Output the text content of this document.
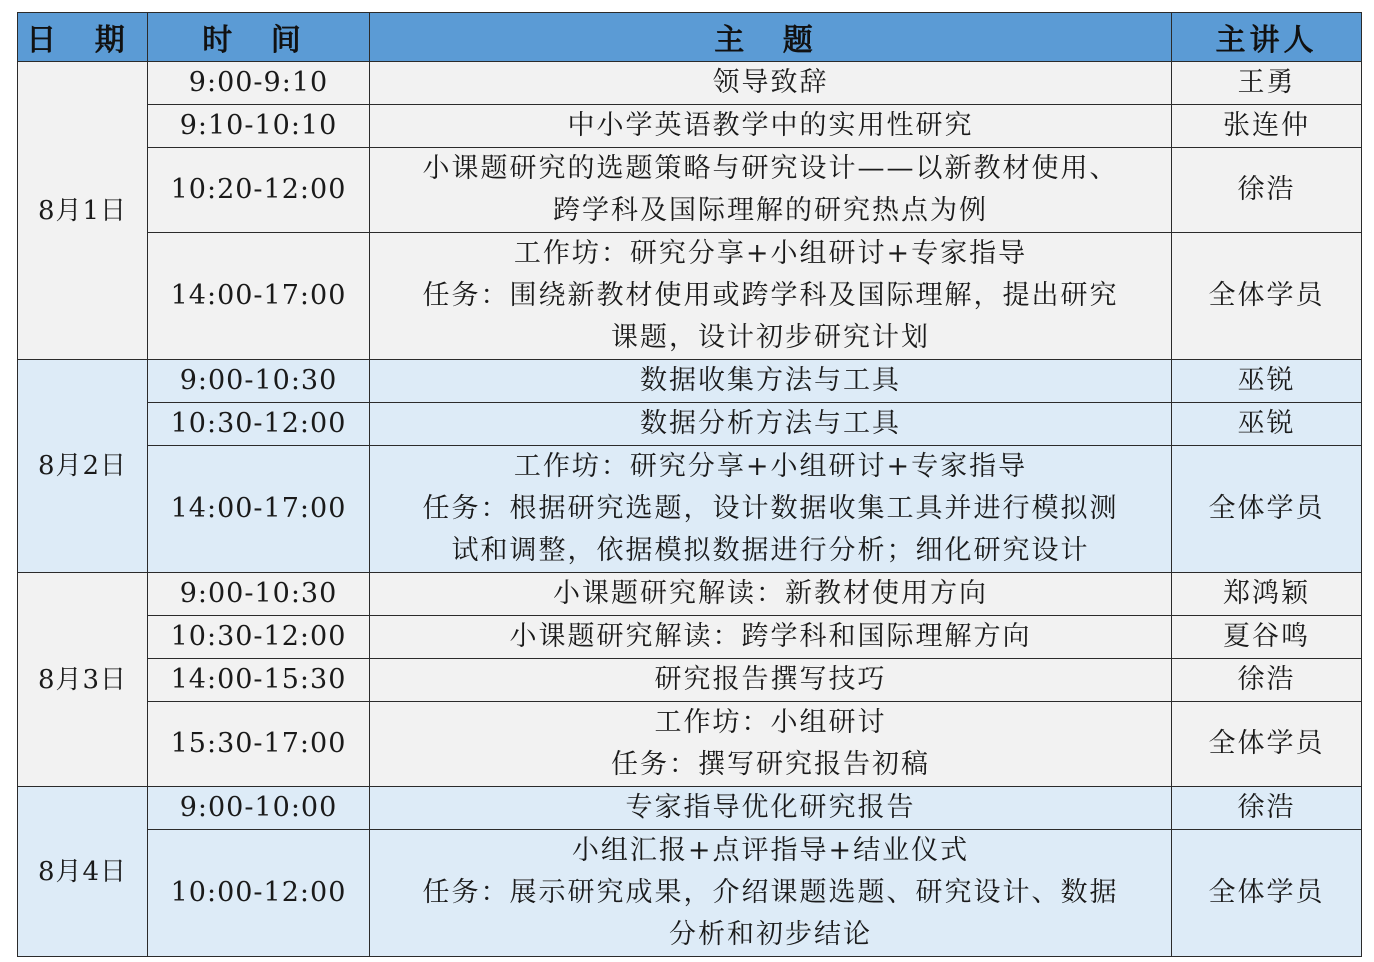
日 期	时 间	主 题	主讲人
8月1日	9:00-9:10	领导致辞	王勇
	9:10-10:10	中小学英语教学中的实用性研究	张连仲
	10:20-12:00	小课题研究的选题策略与研究设计——以新教材使用、
跨学科及国际理解的研究热点为例	徐浩
	14:00-17:00	工作坊：研究分享+小组研讨+专家指导
任务：围绕新教材使用或跨学科及国际理解，提出研究
课题，设计初步研究计划	全体学员
8月2日	9:00-10:30	数据收集方法与工具	巫锐
	10:30-12:00	数据分析方法与工具	巫锐
	14:00-17:00	工作坊：研究分享+小组研讨+专家指导
任务：根据研究选题，设计数据收集工具并进行模拟测
试和调整，依据模拟数据进行分析；细化研究设计	全体学员
8月3日	9:00-10:30	小课题研究解读：新教材使用方向	郑鸿颖
	10:30-12:00	小课题研究解读：跨学科和国际理解方向	夏谷鸣
	14:00-15:30	研究报告撰写技巧	徐浩
	15:30-17:00	工作坊：小组研讨
任务：撰写研究报告初稿	全体学员
8月4日	9:00-10:00	专家指导优化研究报告	徐浩
	10:00-12:00	小组汇报+点评指导+结业仪式
任务：展示研究成果，介绍课题选题、研究设计、数据
分析和初步结论	全体学员
